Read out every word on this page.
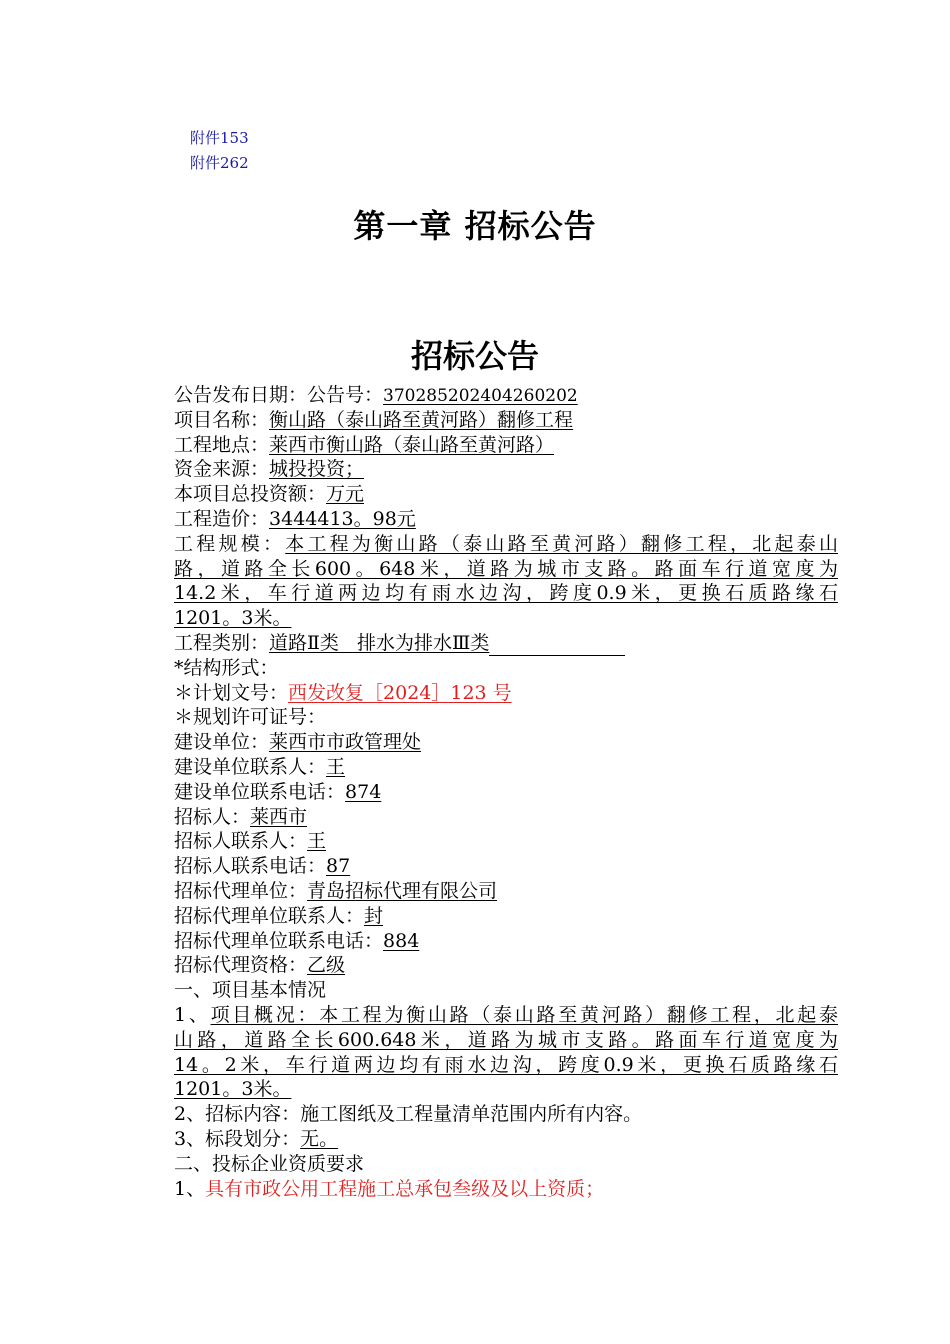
附件153
附件262
第一章 招标公告
招标公告
公告发布日期：公告号：370285202404260202
项目名称：衡山路（泰山路至黄河路）翻修工程
工程地点：莱西市衡山路（泰山路至黄河路）
资金来源：城投投资；
本项目总投资额：万元
工程造价：3444413。98元
工程规模：本工程为衡山路（泰山路至黄河路）翻修工程，北起泰山
路，道路全长600。648米，道路为城市支路。路面车行道宽度为
14.2米，车行道两边均有雨水边沟，跨度0.9米，更换石质路缘石
1201。3米。
工程类别：道路Ⅱ类   排水为排水Ⅲ类
*结构形式：
＊计划文号：西发改复［2024］123 号
＊规划许可证号：
建设单位：莱西市市政管理处
建设单位联系人：王
建设单位联系电话：874
招标人：莱西市
招标人联系人：王
招标人联系电话：87
招标代理单位：青岛招标代理有限公司
招标代理单位联系人：封
招标代理单位联系电话：884
招标代理资格：乙级
一、项目基本情况
1、项目概况：本工程为衡山路（泰山路至黄河路）翻修工程，北起泰
山路，道路全长600.648米，道路为城市支路。路面车行道宽度为
14。2米，车行道两边均有雨水边沟，跨度0.9米，更换石质路缘石
1201。3米。
2、招标内容：施工图纸及工程量清单范围内所有内容。
3、标段划分：无。
二、投标企业资质要求
1、具有市政公用工程施工总承包叁级及以上资质；
